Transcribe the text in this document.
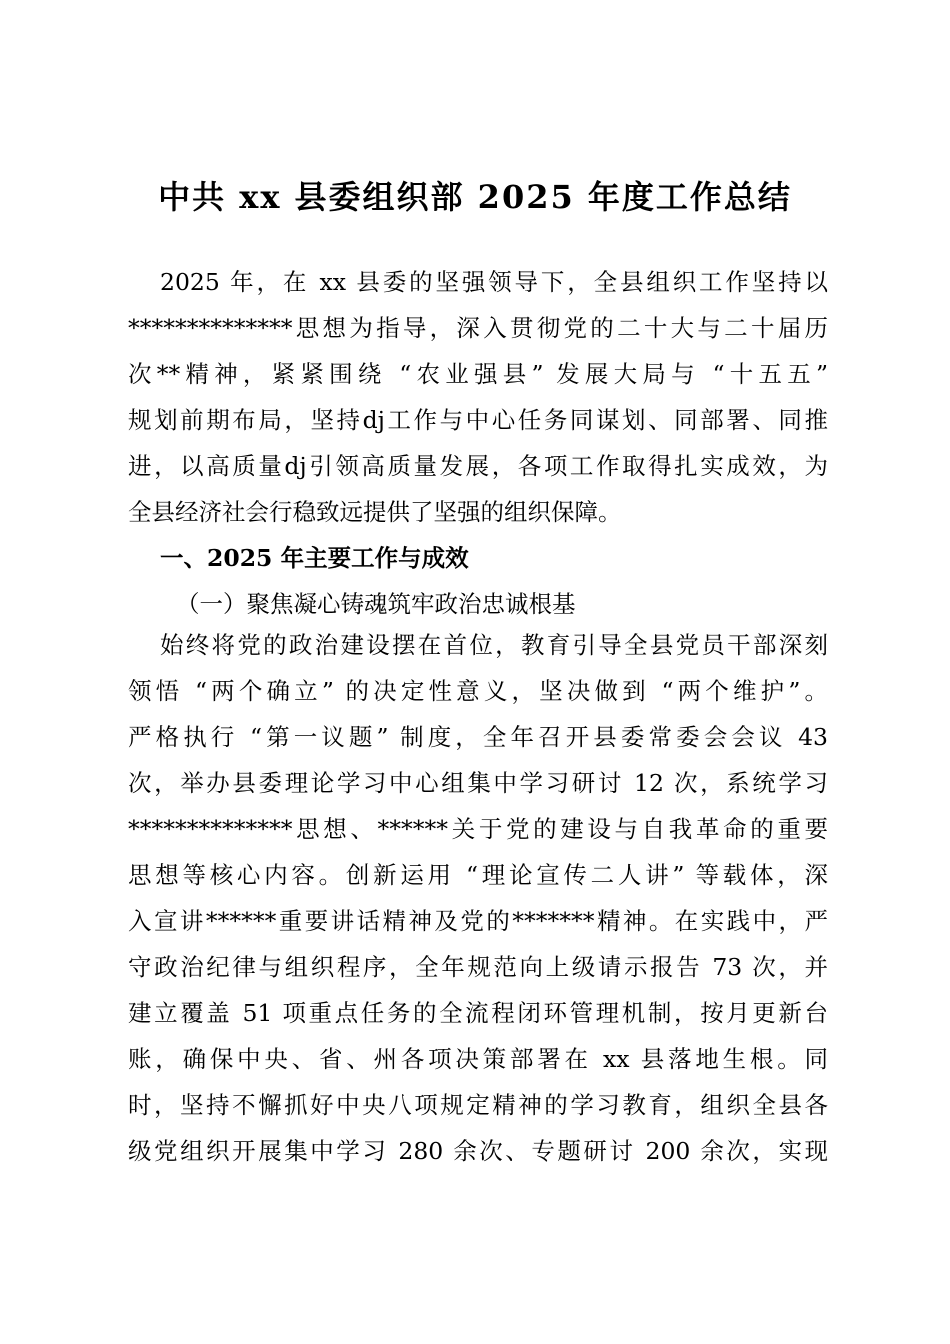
中共 xx 县委组织部 2025 年度工作总结
2025 年，在 xx 县委的坚强领导下，全县组织工作坚持以
**************思想为指导，深入贯彻党的二十大与二十届历
次**精神，紧紧围绕 “农业强县” 发展大局与 “十五五”
规划前期布局，坚持dj工作与中心任务同谋划、同部署、同推
进，以高质量dj引领高质量发展，各项工作取得扎实成效，为
全县经济社会行稳致远提供了坚强的组织保障。
一、2025 年主要工作与成效
（一）聚焦凝心铸魂筑牢政治忠诚根基
始终将党的政治建设摆在首位，教育引导全县党员干部深刻
领悟 “两个确立” 的决定性意义，坚决做到 “两个维护”。
严格执行 “第一议题” 制度，全年召开县委常委会会议 43
次，举办县委理论学习中心组集中学习研讨 12 次，系统学习
**************思想、******关于党的建设与自我革命的重要
思想等核心内容。创新运用 “理论宣传二人讲” 等载体，深
入宣讲******重要讲话精神及党的*******精神。在实践中，严
守政治纪律与组织程序，全年规范向上级请示报告 73 次，并
建立覆盖 51 项重点任务的全流程闭环管理机制，按月更新台
账，确保中央、省、州各项决策部署在 xx 县落地生根。同
时，坚持不懈抓好中央八项规定精神的学习教育，组织全县各
级党组织开展集中学习 280 余次、专题研讨 200 余次，实现
